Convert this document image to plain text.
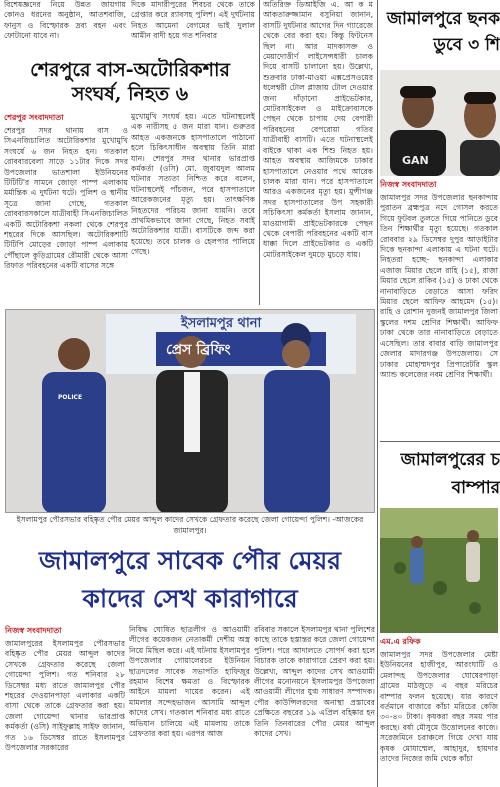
বিশেষজ্ঞদের নিয়ে উন্নত জায়গায় কোনও ধরনের অনুষ্ঠান, আতশবাজি, ফানুস ও বিস্ফোরক দ্রব্য বহন এবং ফোটানো যাবে না।
দিকে মাদারীপুরের শিবচর থেকে তাকে গ্রেপ্তার করে র‌্যাবসহ পুলিশ। এই দুর্ঘটনায় নিহত আমেনা বেগমের ভাই দুলাল আমীন বাদী হয়ে গত শনিবার
শেরপুরে বাস-অটোরিকশার সংঘর্ষ, নিহত ৬
শেরপুর সংবাদদাতা
শেরপুর সদর থানায় বাস ও সিএনজিচালিত অটোরিকশার মুখোমুখি সংঘর্ষে ৬ জন নিহত হন। গতকাল রোববারবেলা সাড়ে ১১টার দিকে সদর উপজেলার ভাতশালা ইউনিয়নের টিটিটি'র সামনে জোড়া পাম্প এলাকায় মর্মান্তিক এ দুর্ঘটনা ঘটে। পুলিশ ও স্থানীয় সূত্রে জানা গেছে, গতকাল রোববারসকালে যাত্রীবাহী সিএনজিচালিত একটি অটোরিকশা নকলা থেকে শেরপুর শহরের দিকে আসছিল। অটোরিকশাটি টিটিপি মোড়ের জোড়া পাম্প এলাকায় পৌঁছালে কুড়িগ্রামের রৌমারী থেকে আসা রিফাত পরিবহনের একটি বাসের সঙ্গে
মুখোমুখি সংঘর্ষ হয়। এতে ঘটনাস্থলেই এক নারীসহ ৫ জন মারা যান। গুরুতর আহত একজনকে হাসপাতালে পাঠানো হলে চিকিৎসাধীন অবস্থায় তিনি মারা যান। শেরপুর সদর থানার ভারপ্রাপ্ত কর্মকর্তা (ওসি) মো. জুবায়দুল আলম ঘটনার সত্যতা নিশ্চিত করে বলেন, ঘটনাস্থলেই পাঁচজন, পরে হাসপাতালে আরেকজনের মৃত্যু হয়। তাৎক্ষণিক নিহতদের পরিচয় জানা যায়নি। তবে প্রাথমিকভাবে জানা গেছে, নিহত সবাই অটোরিকশার যাত্রী। বাসটিকে জব্দ করা হয়েছে। তবে চালক ও হেলপার পালিয়ে গেছে।
অতিরিক্ত ডিআইজি এ. আ ক ম আকতারুজ্জামান বসুনিয়া জানান, বাসটি দুর্ঘটনার আগের দিন গ্যারেজে থেকে বের করা হয়। কিন্তু ফিটনেস ছিল না। আর মাদকাসক্ত ও মেয়াদোত্তীর্ণ লাইসেন্সধারী চালক দিয়ে বাসটি চালানো হয়। উল্লেখ্য, শুক্রবার ঢাকা-মাওয়া এক্সপ্রেসওয়ের ধলেশ্বরী টোল প্লাজায় টোল দেওয়ার জন্য দাঁড়ানো প্রাইভেটকার, মোটরসাইকেল ও মাইক্রোবাসকে পেছন থেকে চাপায় দেয় বেপারী পরিবহনের বেপরোয়া গতির যাত্রীবাহী বাসটি। এতে ঘটনাস্থলেই বাইকে থাকা এক শিশু নিহত হয়। আহত অবস্থায় আজিমকে ঢাকার হাসপাতালে নেওয়ার পথে আরেক চালক মারা যান। পরে হাসপাতালে আরও একজনের মৃত্যু হয়। মুন্সীগঞ্জ সদর হাসপাতালের উপ সহকারী সচিকিৎসা কর্মকর্তা ইসলাম জানান, মাওয়াগামী প্রাইভেটকারকে পেছন থেকে বেপারী পরিবহনের একটি বাস ধাক্কা দিলে প্রাইভেটকার ও একটি মোটরসাইকেল দুমড়ে মুচড়ে যায়।
জামালপুরে ছনক ডুবে ৩ শি
GAN
নিজস্ব সংবাদদাতা
জামালপুর সদর উপজেলার ছনকান্দায় পুরাতন ব্রহ্মপুত্র নদে গোসল করতে গিয়ে ফুটবল তুলতে গিয়ে পানিতে ডুবে তিন শিক্ষার্থীর মৃত্যু হয়েছে। গতকাল রোববার ২৯ ডিসেম্বর দুপুর আড়াইটার দিকে ছনকান্দা এলাকায় এ ঘটনা ঘটে। নিহতরা হচ্ছে- ছনকান্দা এলাকার এজাজ মিয়ার ছেলে রাহি (১৫), রাজা মিয়ার ছেলে রাকিব (১৫) ও ঢাকা থেকে নানাবাড়িতে বেড়াতে আসা ফরিদ মিয়ার ছেলে আফিফ আহমেদ (১৫)। রাহি ও রোশান দুজনই জামালপুর জিলা স্কুলের দশম শ্রেণির শিক্ষার্থী। আফিফ ঢাকা থেকে তার নানাবাড়িতে বেড়াতে এসেছিল। তার বাবার বাড়ি জামালপুর জেলার মাদারগঞ্জ উপজেলায়। সে ঢাকার মোহাম্মদপুর প্রিপারেটরি স্কুল অ্যান্ড কলেজের নবম শ্রেণির শিক্ষার্থী।
জামালপুরের চ বাম্পার
এম.এ রফিক
জামালপুর সদর উপজেলার মেষ্টা ইউনিয়নের হাজীপুর, আরংঘাটি ও মেলান্দহ উপজেলার ঘোষেরপাড়া গ্রামের মাঠজুড়ে এ বছর মরিচের বাম্পার ফলন হয়েছে। যার কারণে বর্তমানে বাজারে কাঁচা মরিচের কেজি ৩০-৪০ টাকা। কৃষকরা বছর সময় পার করছে। বর্ষা মৌসুমে উত্তোলনের কাজে। সরেজমিনে চরাঞ্চলে গিয়ে দেখা যায় কৃষক মোযাম্মেল, আহাদুর, হায়দার তাদের নিজের জমি থেকে কাঁচা
ইসলামপুর থানা
প্রেস ব্রিফিং
POLICE
ইসলামপুর পৌরসভার বহিষ্কৃত পৌর মেয়র আব্দুল কাদের সেখকে গ্রেফতার করেছে জেলা গোয়েন্দা পুলিশ। -আজকের জামালপুর।
জামালপুরে সাবেক পৌর মেয়র কাদের সেখ কারাগারে
নিজস্ব সংবাদদাতা
জামালপুরের ইসলামপুর পৌরসভার বহিষ্কৃত পৌর মেয়র আব্দুল কাদের সেখকে গ্রেফতার করেছে জেলা গোয়েন্দা পুলিশ। গত শনিবার ২৮ ডিসেম্বর মধ্য রাতে জামালপুর পৌর শহরের দেওয়ানপাড়া এলাকার একটি বাসা থেকে তাকে গ্রেফতার করা হয়। জেলা গোয়েন্দা থানার ভারপ্রাপ্ত কর্মকর্তা (ওসি) সাইফুল্লাহ সাইফ জানান, গত ১৬ ডিসেম্বর রাতে ইসলামপুর উপজেলার সরকারের
নিষিদ্ধ ঘোষিত ছাত্রলীগ ও আওয়ামী লীগের কয়েকজন নেতাকর্মী দেশীয় অস্ত্র নিয়ে মিছিল করে। এই ঘটনায় ইসলামপুর উপজেলার গোয়ালেরচর ইউনিয়ন ছাত্রদলের সাবেক সভাপতি হাফিজুর রহমান বিশেষ ক্ষমতা ও বিস্ফোরক আইনে মামলা দায়ের করেন। এই মামলার সন্দেহভাজন আসামি আব্দুল কাদের সেখ। গতকাল শনিবার মধ্য রাতে অভিযান চালিয়ে এই মামলায় তাকে গ্রেফতার করা হয়। এরপর আজ
রবিবার সকালে ইসলামপুর থানা পুলিশের কাছে তাকে হস্তান্তর করে জেলা গোয়েন্দা পুলিশ। পরে আদালতে সোপর্দ করা হলে বিচারক তাকে কারাগারে প্রেরণ করা হয়। উল্লেখ্য, আব্দুল কাদের সেখ আওয়ামী লীগের মনোনয়নে ইসলামপুর উপজেলা আওয়ামী লীগের যুগ্ম সাধারণ সম্পাদক। পৌর কাউন্সিলরদের অনাস্থা প্রস্তাবের প্রেক্ষিতে বছরের ১৯ এপ্রিল বহিষ্কার হন তিনি তিনবারের পৌর মেয়র আব্দুল কাদের সেখ।
